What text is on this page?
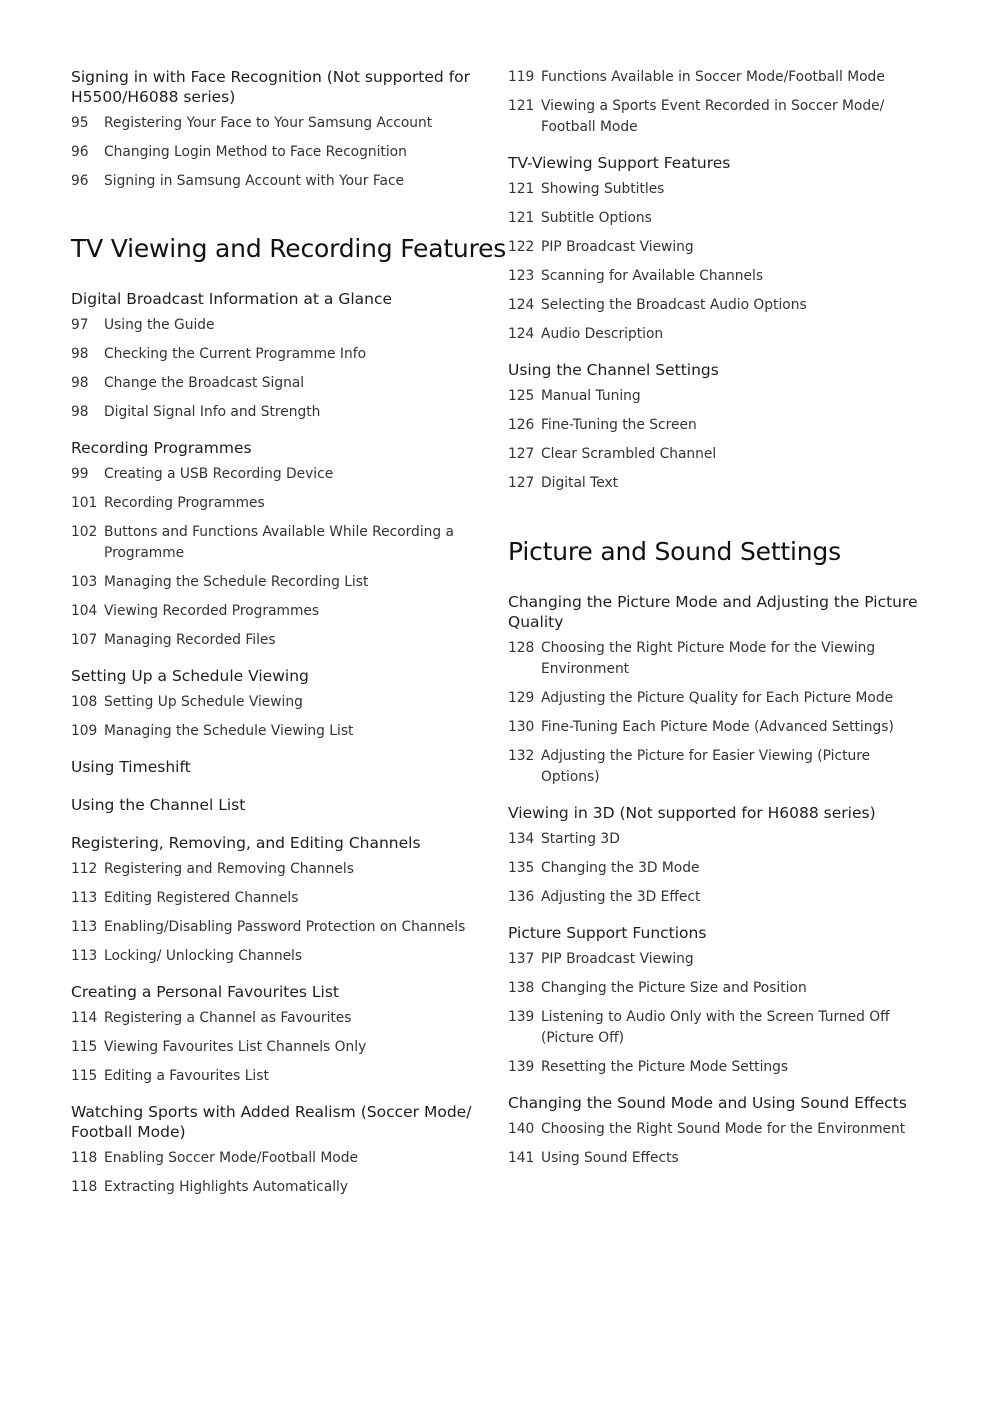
Signing in with Face Recognition (Not supported for H5500/H6088 series)
95	Registering Your Face to Your Samsung Account
96	Changing Login Method to Face Recognition
96	Signing in Samsung Account with Your Face
TV Viewing and Recording Features
Digital Broadcast Information at a Glance
97	Using the Guide
98	Checking the Current Programme Info
98	Change the Broadcast Signal
98	Digital Signal Info and Strength
Recording Programmes
99	Creating a USB Recording Device
101 Recording Programmes
102 Buttons and Functions Available While Recording a Programme
103 Managing the Schedule Recording List
104 Viewing Recorded Programmes
107 Managing Recorded Files
Setting Up a Schedule Viewing
108 Setting Up Schedule Viewing
109 Managing the Schedule Viewing List
Using Timeshift
Using the Channel List
Registering, Removing, and Editing Channels
112 Registering and Removing Channels
113 Editing Registered Channels
113 Enabling/Disabling Password Protection on Channels
113 Locking/ Unlocking Channels
Creating a Personal Favourites List
114 Registering a Channel as Favourites
115 Viewing Favourites List Channels Only
115 Editing a Favourites List
Watching Sports with Added Realism (Soccer Mode/ Football Mode)
118 Enabling Soccer Mode/Football Mode
118 Extracting Highlights Automatically
119 Functions Available in Soccer Mode/Football Mode
121 Viewing a Sports Event Recorded in Soccer Mode/ Football Mode
TV-Viewing Support Features
121 Showing Subtitles
121 Subtitle Options
122 PIP Broadcast Viewing
123 Scanning for Available Channels
124 Selecting the Broadcast Audio Options
124 Audio Description
Using the Channel Settings
125 Manual Tuning
126 Fine-Tuning the Screen
127 Clear Scrambled Channel
127 Digital Text
Picture and Sound Settings
Changing the Picture Mode and Adjusting the Picture Quality
128 Choosing the Right Picture Mode for the Viewing Environment
129 Adjusting the Picture Quality for Each Picture Mode
130 Fine-Tuning Each Picture Mode (Advanced Settings)
132 Adjusting the Picture for Easier Viewing (Picture Options)
Viewing in 3D (Not supported for H6088 series)
134 Starting 3D
135 Changing the 3D Mode
136 Adjusting the 3D Effect
Picture Support Functions
137 PIP Broadcast Viewing
138 Changing the Picture Size and Position
139 Listening to Audio Only with the Screen Turned Off (Picture Off)
139 Resetting the Picture Mode Settings
Changing the Sound Mode and Using Sound Effects
140 Choosing the Right Sound Mode for the Environment
141 Using Sound Effects
